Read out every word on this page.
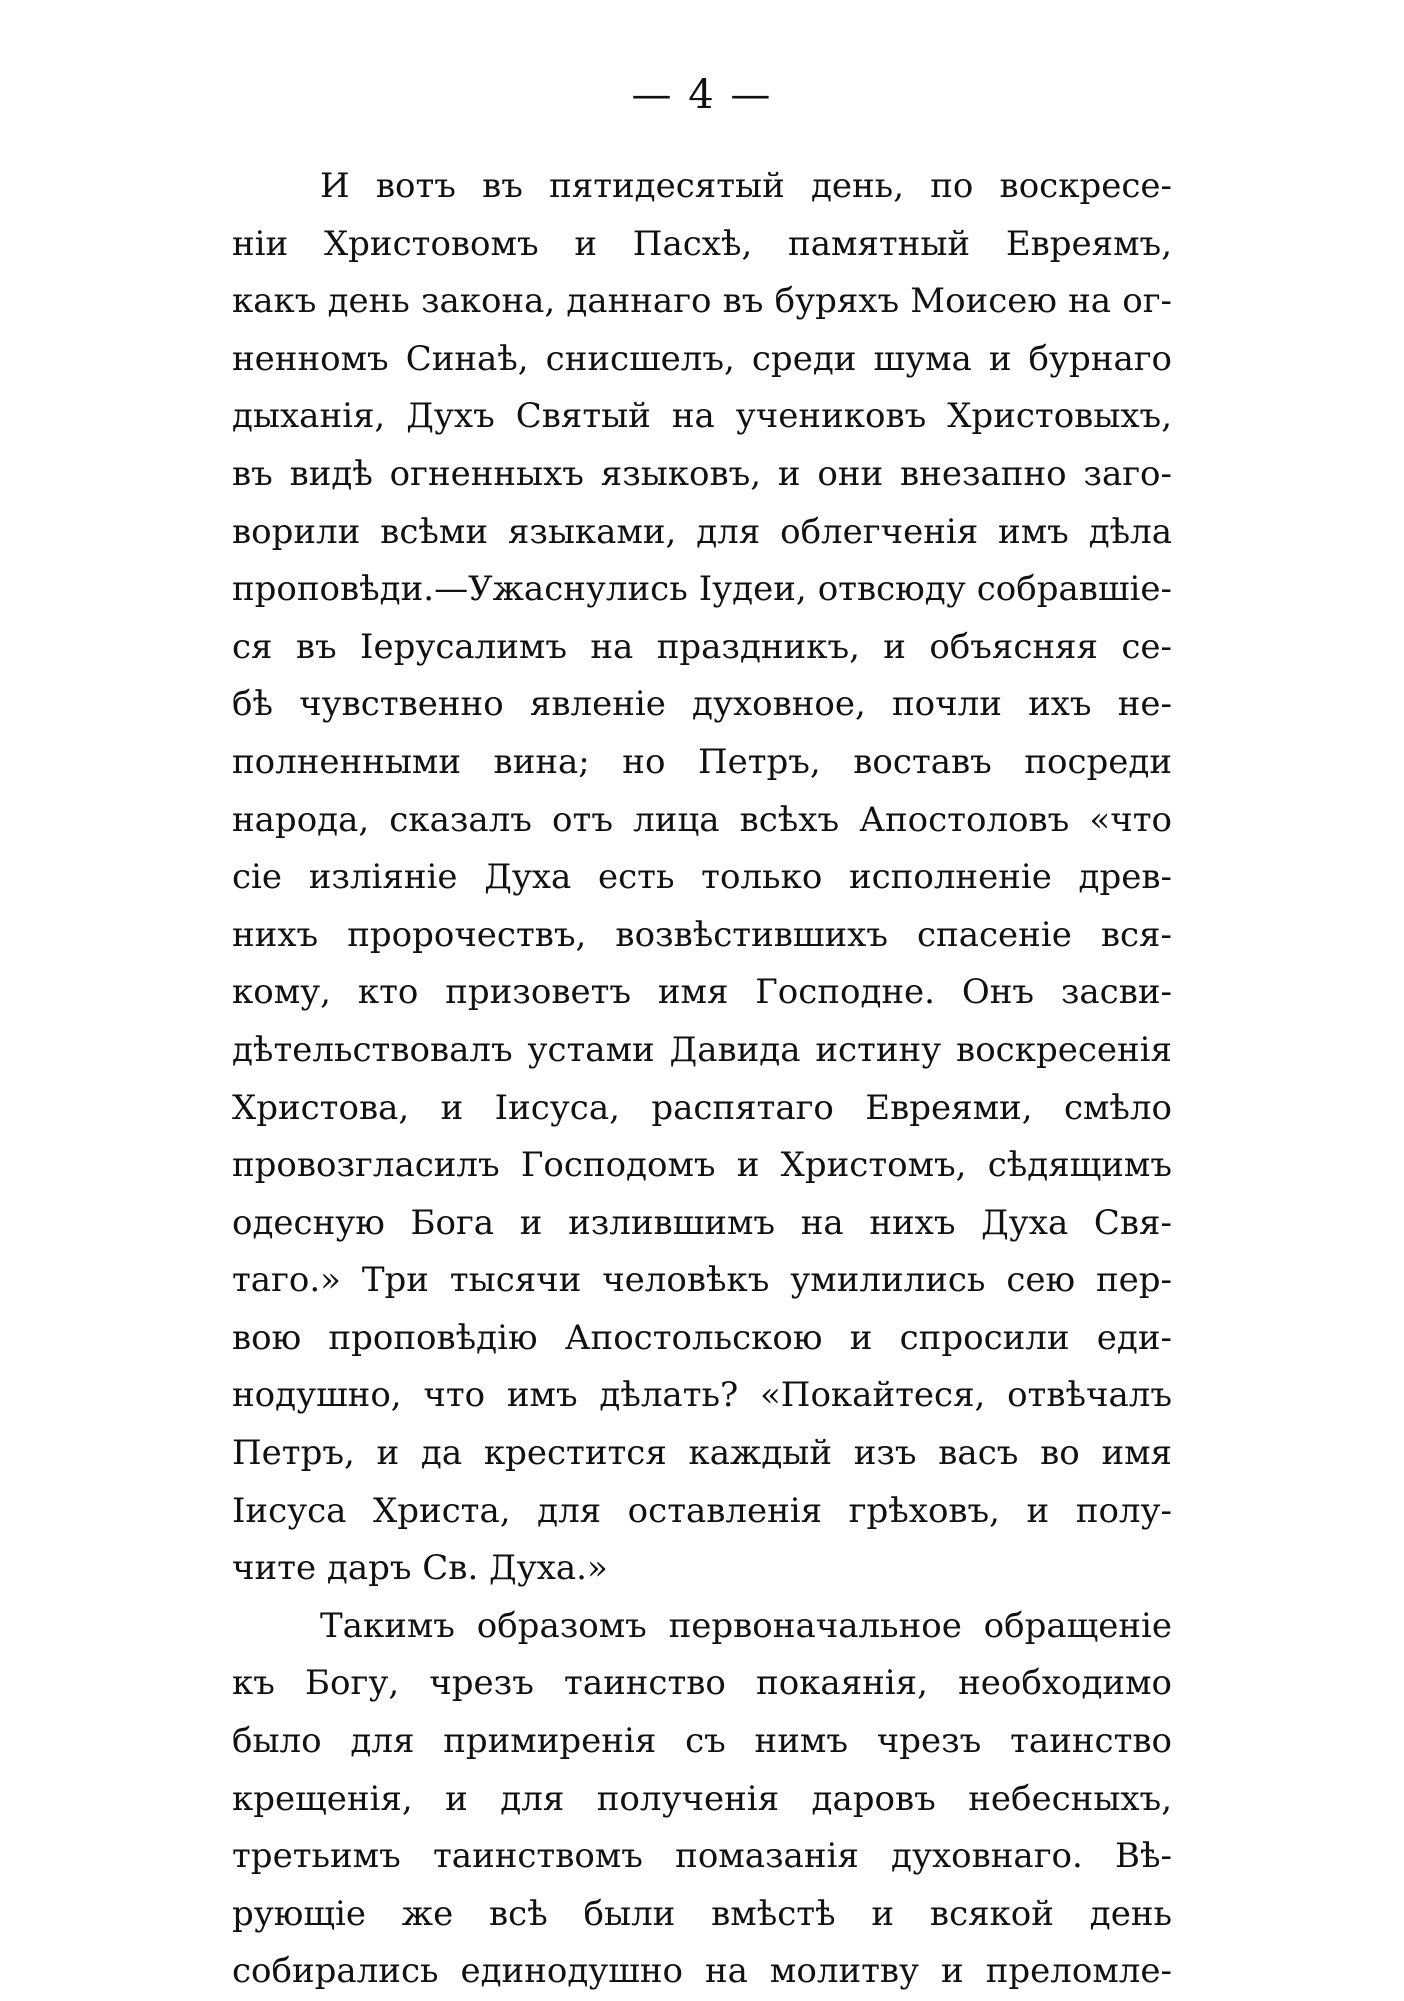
— 4 —
И вотъ въ пятидесятый день, по воскресе-
ніи Христовомъ и Пасхѣ, памятный Евреямъ,
какъ день закона, даннаго въ буряхъ Моисею на ог-
ненномъ Синаѣ, снисшелъ, среди шума и бурнаго
дыханія, Духъ Святый на учениковъ Христовыхъ,
въ видѣ огненныхъ языковъ, и они внезапно заго-
ворили всѣми языками, для облегченія имъ дѣла
проповѣди.—Ужаснулись Іудеи, отвсюду собравшіе-
ся въ Іерусалимъ на праздникъ, и объясняя се-
бѣ чувственно явленіе духовное, почли ихъ не-
полненными вина; но Петръ, воставъ посреди
народа, сказалъ отъ лица всѣхъ Апостоловъ «что
сіе изліяніе Духа есть только исполненіе древ-
нихъ пророчествъ, возвѣстившихъ спасеніе вся-
кому, кто призоветъ имя Господне. Онъ засви-
дѣтельствовалъ устами Давида истину воскресенія
Христова, и Іисуса, распятаго Евреями, смѣло
провозгласилъ Господомъ и Христомъ, сѣдящимъ
одесную Бога и излившимъ на нихъ Духа Свя-
таго.» Три тысячи человѣкъ умилились сею пер-
вою проповѣдію Апостольскою и спросили еди-
нодушно, что имъ дѣлать? «Покайтеся, отвѣчалъ
Петръ, и да крестится каждый изъ васъ во имя
Іисуса Христа, для оставленія грѣховъ, и полу-
чите даръ Св. Духа.»
Такимъ образомъ первоначальное обращеніе
къ Богу, чрезъ таинство покаянія, необходимо
было для примиренія съ нимъ чрезъ таинство
крещенія, и для полученія даровъ небесныхъ,
третьимъ таинствомъ помазанія духовнаго. Вѣ-
рующіе же всѣ были вмѣстѣ и всякой день
собирались единодушно на молитву и преломле-
